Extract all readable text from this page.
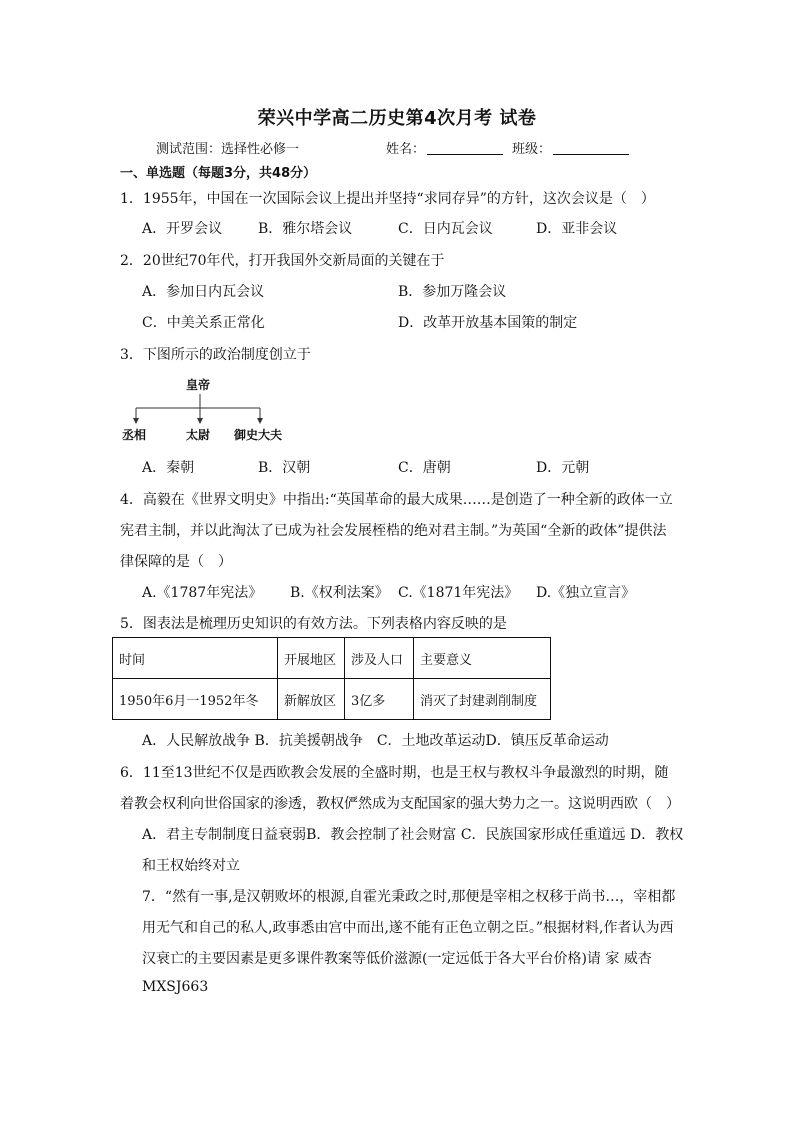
荣兴中学高二历史第4次月考 试卷
测试范围：选择性必修一	姓名：	班级：
一、单选题（每题3分，共48分）
1．1955年，中国在一次国际会议上提出并坚持“求同存异”的方针，这次会议是（　）
A．开罗会议	B．雅尔塔会议	C．日内瓦会议	D．亚非会议
2．20世纪70年代，打开我国外交新局面的关键在于
A．参加日内瓦会议	B．参加万隆会议
C．中美关系正常化	D．改革开放基本国策的制定
3．下图所示的政治制度创立于
皇帝
丞相	太尉 御史大夫
A．秦朝	B．汉朝	C．唐朝	D．元朝
4．高毅在《世界文明史》中指出:“英国革命的最大成果……是创造了一种全新的政体一立
宪君主制，并以此淘汰了已成为社会发展桎梏的绝对君主制。”为英国“全新的政体”提供法
律保障的是（　）
A.《1787年宪法》 B.《权利法案》 C.《1871年宪法》 D.《独立宣言》
5．图表法是梳理历史知识的有效方法。下列表格内容反映的是
时间	开展地区	涉及人口	主要意义
1950年6月一1952年冬	新解放区	3亿多	消灭了封建剥削制度
A．人民解放战争 B．抗美援朝战争　C．土地改革运动D．镇压反革命运动
6．11至13世纪不仅是西欧教会发展的全盛时期，也是王权与教权斗争最激烈的时期，随
着教会权利向世俗国家的渗透，教权俨然成为支配国家的强大势力之一。这说明西欧（　）
A．君主专制制度日益衰弱B．教会控制了社会财富 C．民族国家形成任重道远 D．教权
和王权始终对立
7．“然有一事,是汉朝败坏的根源,自霍光秉政之时,那便是宰相之权移于尚书…，宰相都
用无气和自己的私人,政事悉由宫中而出,遂不能有正色立朝之臣。”根据材料,作者认为西
汉衰亡的主要因素是更多课件教案等低价滋源(一定远低于各大平台价格)请 家 威杏
MXSJ663
